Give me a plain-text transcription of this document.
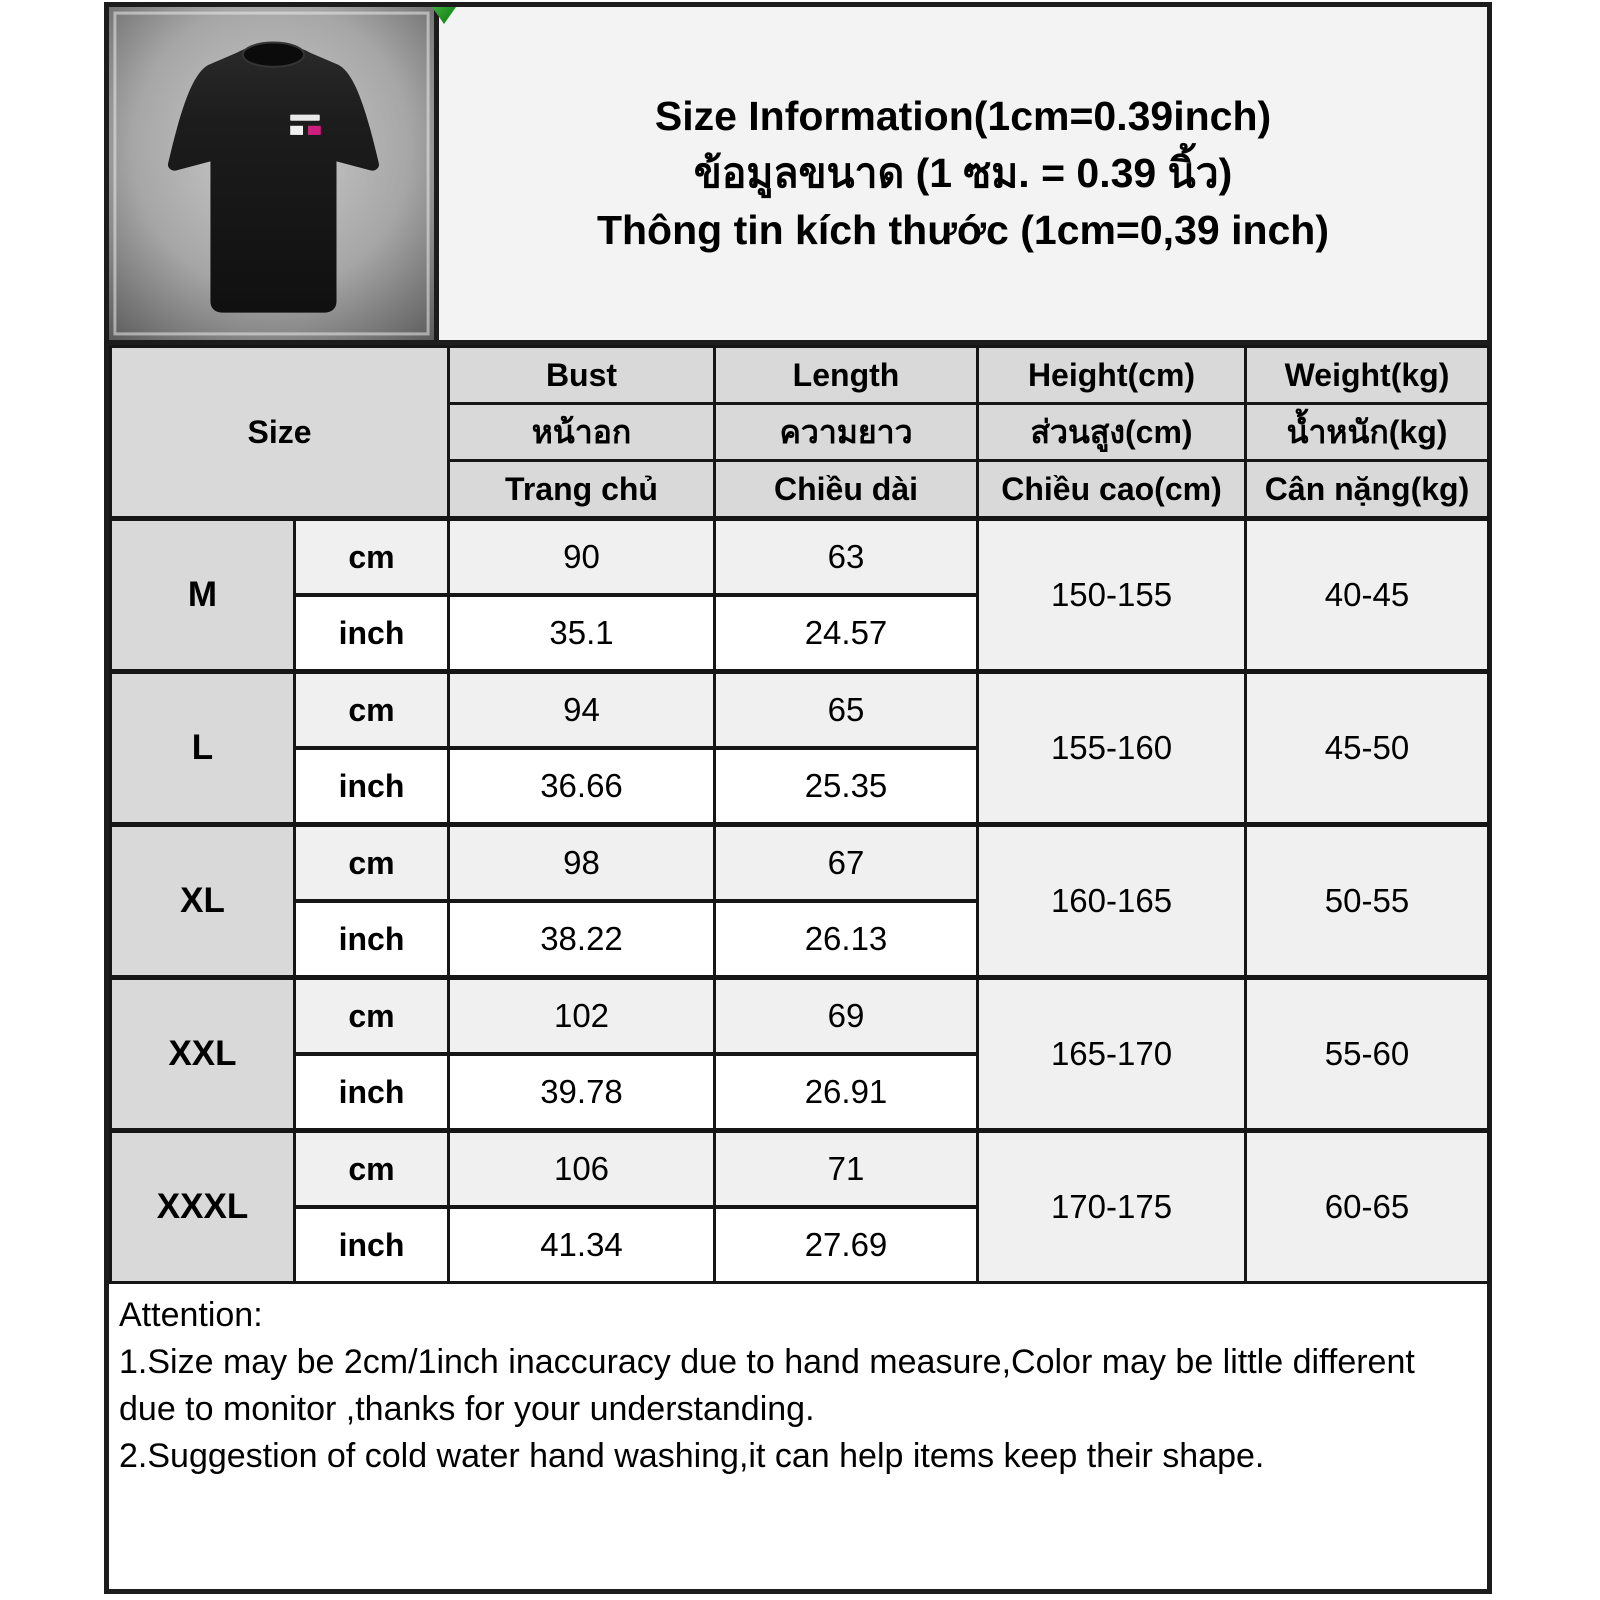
Size Information(1cm=0.39inch)
ข้อมูลขนาด (1 ซม. = 0.39 นิ้ว)
Thông tin kích thước (1cm=0,39 inch)
Size		Bust	Length	Height(cm)	Weight(kg)
		หน้าอก	ความยาว	ส่วนสูง(cm)	น้ำหนัก(kg)
		Trang chủ	Chiều dài	Chiều cao(cm)	Cân nặng(kg)
M	cm	90	63	150-155	40-45
	inch	35.1	24.57		
L	cm	94	65	155-160	45-50
	inch	36.66	25.35		
XL	cm	98	67	160-165	50-55
	inch	38.22	26.13		
XXL	cm	102	69	165-170	55-60
	inch	39.78	26.91		
XXXL	cm	106	71	170-175	60-65
	inch	41.34	27.69		
Attention:
1.Size may be 2cm/1inch inaccuracy due to hand measure,Color may be little different due to monitor ,thanks for your understanding.
2.Suggestion of cold water hand washing,it can help items keep their shape.
